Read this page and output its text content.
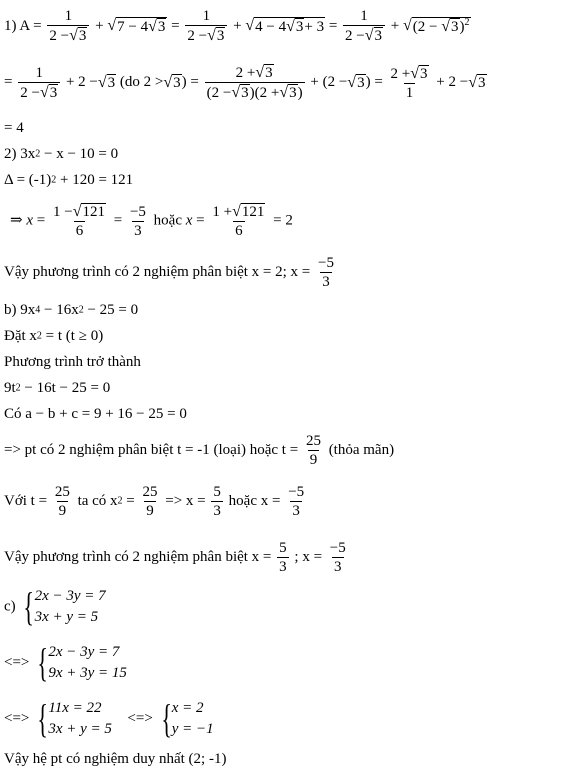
1) $A = \frac{1}{2 - √ 3}$ + √ 7 − 4 √ $3 = \frac{1}{2 - √ 3}$ + √ 4 − 4 √ $3 + 3 = \frac{1}{2 - √ 3}$ + √ (2 − √ 3 )$^2$
= $\frac{1}{2 - √ 3} + 2$ − √ 3 (do 2 > √ 3 ) = $\frac{2 + √ 3}{(2 - √ 3 )(2 + √ 3 )} + (2$ − √ 3 ) = $\frac{2 + √ 3}{1} + 2$ − √ 3
= 4
2) 3x2 − x − 10 = 0
Δ = (-1)2 + 120 = 121
⇒ $x = \frac{1 - √ 121}{6} = \frac{-5}{3}$ hoặc $x = \frac{1 + √ 121}{6} = 2$
Vậy phương trình có 2 nghiệm phân biệt x = 2; $x = \frac{-5}{3}$
b) 9x4 − 16x2 − 25 = 0
Đặt x2 = t (t ≥ 0)
Phương trình trở thành
9t2 − 16t − 25 = 0
Có a − b + c = 9 + 16 − 25 = 0
=> pt có 2 nghiệm phân biệt t = -1 (loại) hoặc $t = \frac{25}{9}$ (thỏa mãn)
Với $t = \frac{25}{9}$ ta có $x2 = \frac{25}{9} => x = \frac{5}{3}$ hoặc $x = \frac{-5}{3}$
Vậy phương trình có 2 nghiệm phân biệt $x = \frac{5}{3}$ ; $x = \frac{-5}{3}$
c) { 2x − 3y = 7
3x + y = 5
<=> { 2x − 3y = 7
9x + 3y = 15
<=> { 11x = 22
3x + y = 5
<=> { x = 2
y = −1
Vậy hệ pt có nghiệm duy nhất (2; -1)
